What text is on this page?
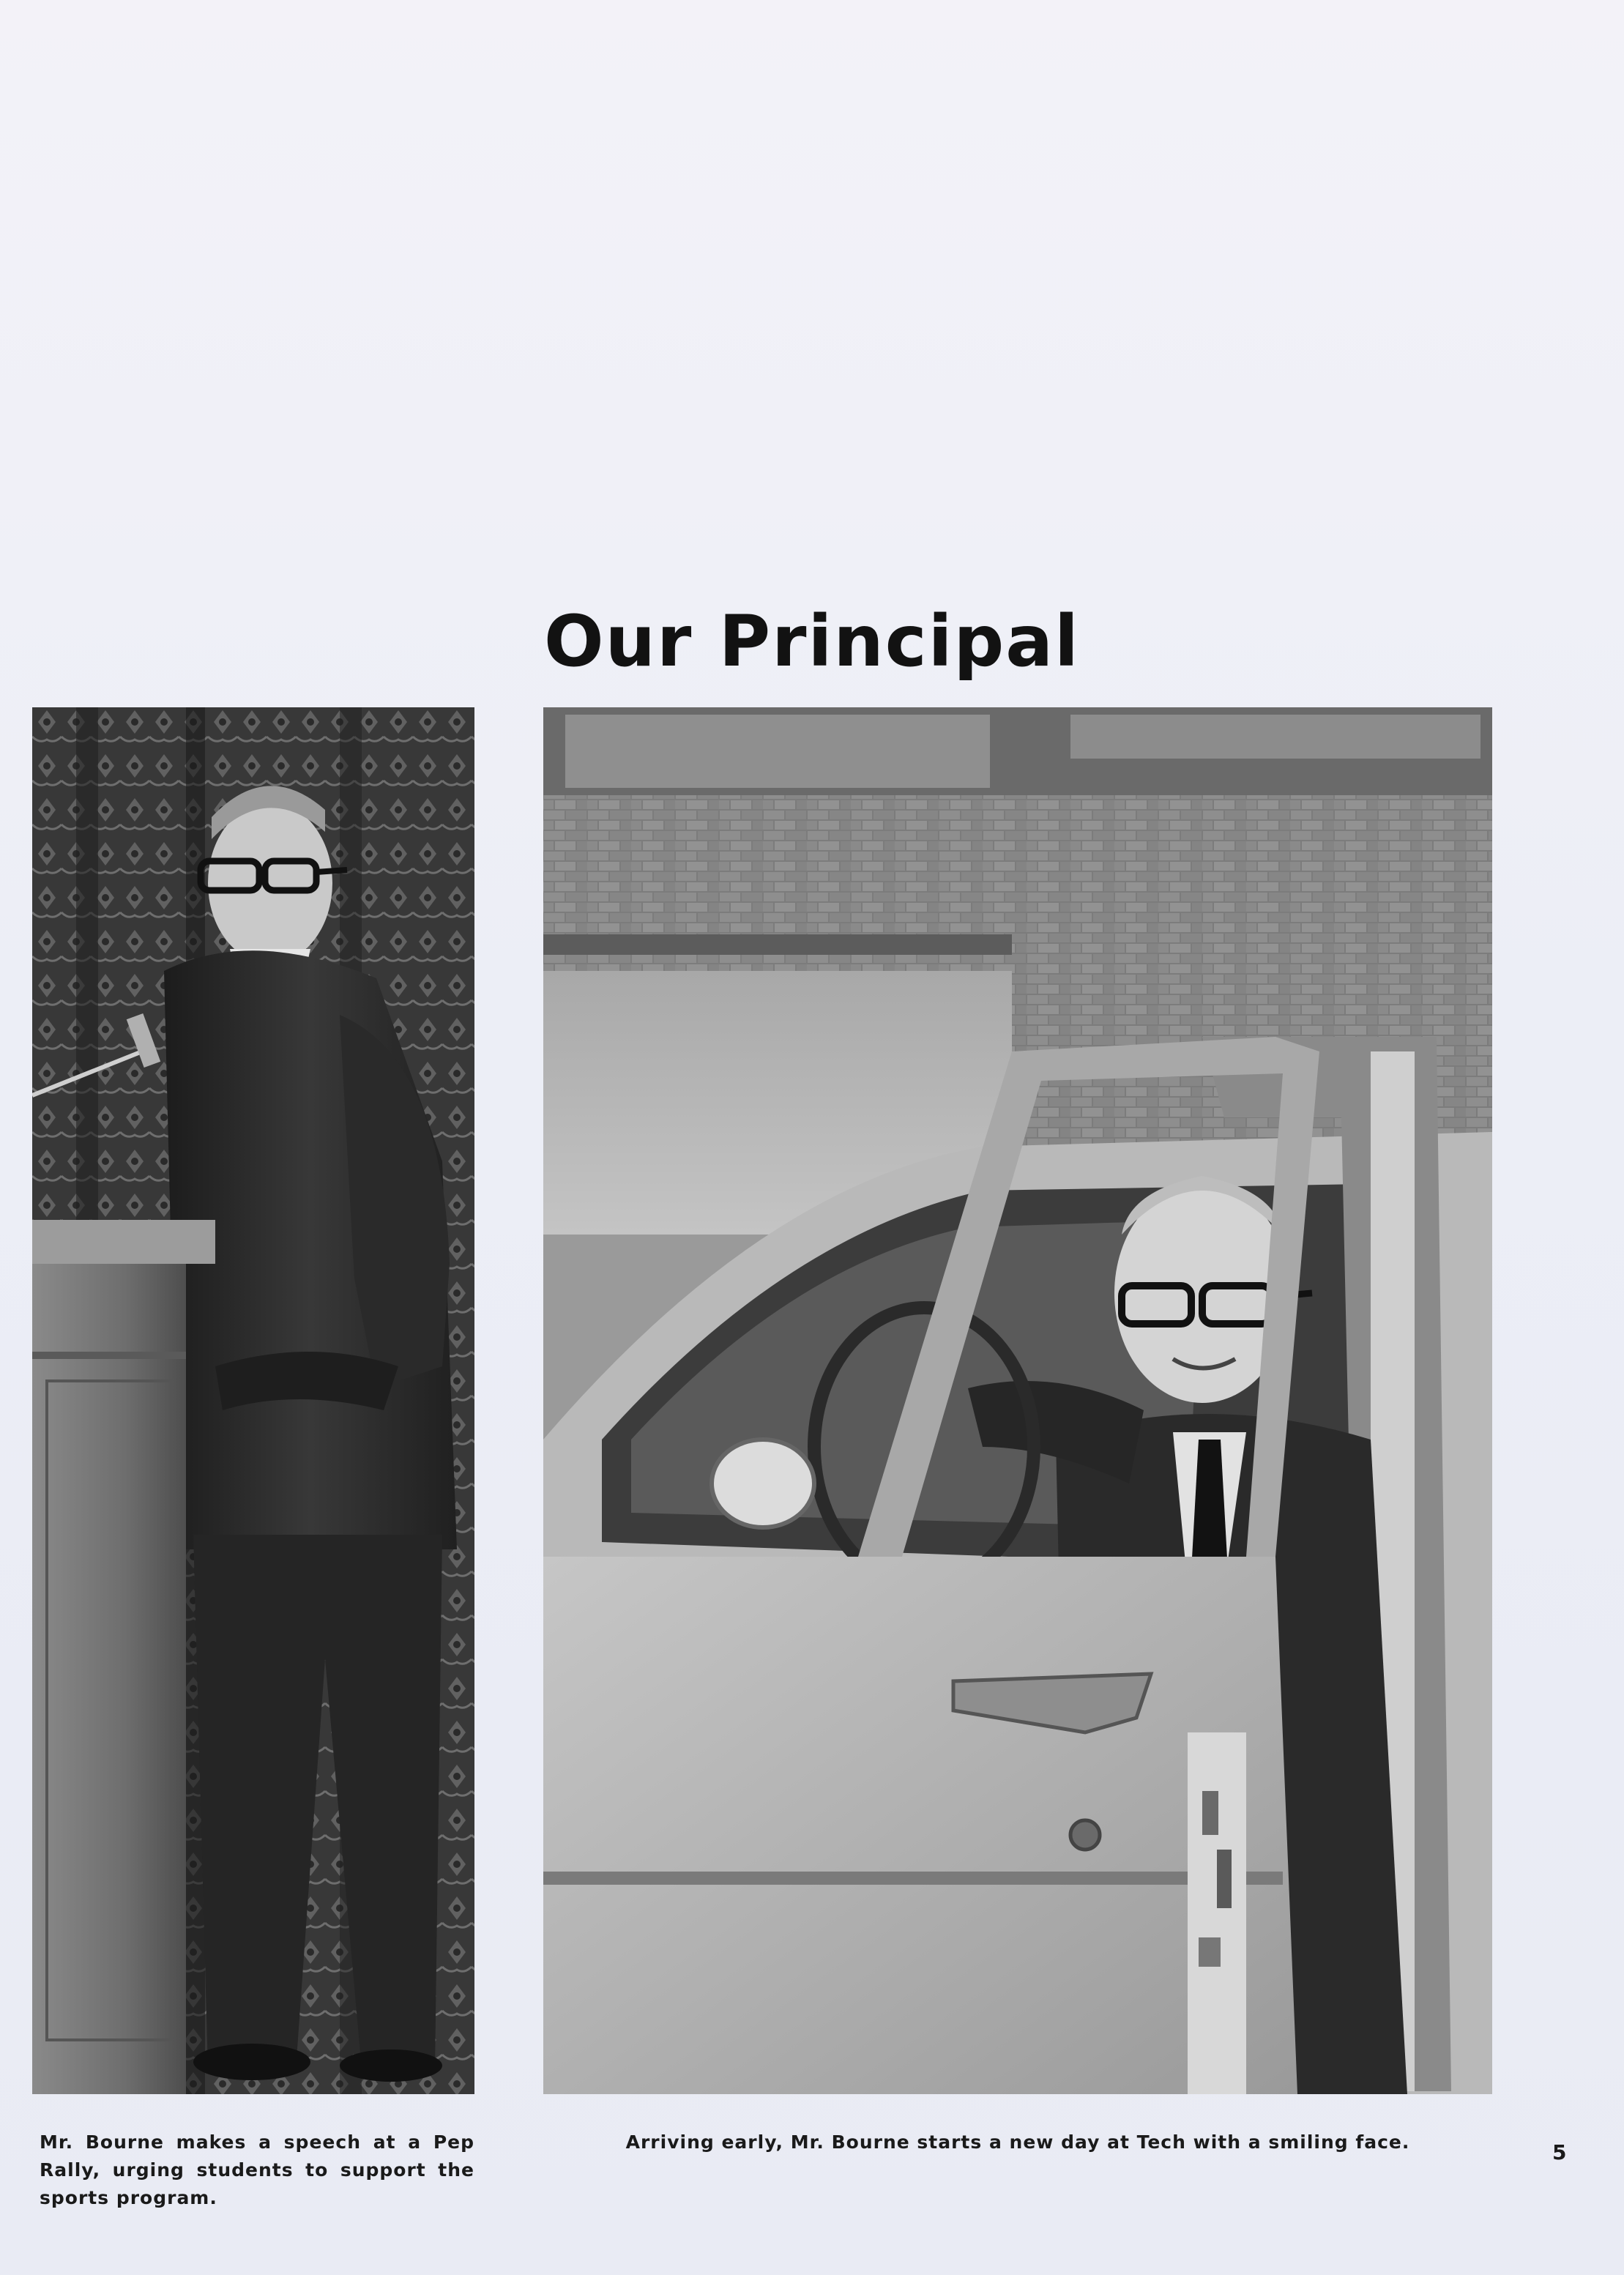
Our Principal
Mr. Bourne makes a speech at a Pep Rally, urging students to support the sports program.
Arriving early, Mr. Bourne starts a new day at Tech with a smiling face.	5
